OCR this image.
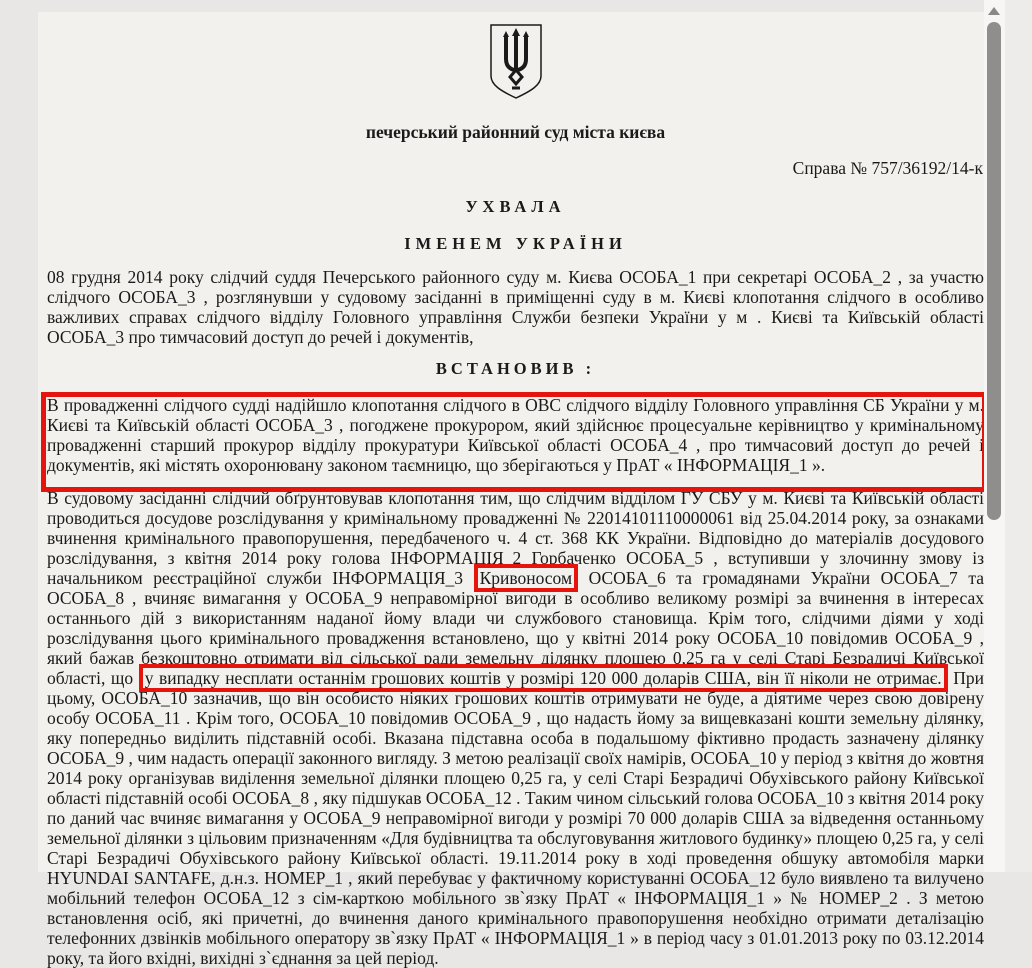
печерський районний суд міста києва
Справа № 757/36192/14-к
УХВАЛА
ІМЕНЕМ УКРАЇНИ
08 грудня 2014 року слідчий суддя Печерського районного суду м. Києва ОСОБА_1 при секретарі ОСОБА_2 , за участю слідчого ОСОБА_3 , розглянувши у судовому засіданні в приміщенні суду в м. Києві клопотання слідчого в особливо важливих справах слідчого відділу Головного управління Служби безпеки України у м . Києві та Київській області ОСОБА_3 про тимчасовий доступ до речей і документів,
ВСТАНОВИВ :
В провадженні слідчого судді надійшло клопотання слідчого в ОВС слідчого відділу Головного управління СБ України у м. Києві та Київській області ОСОБА_3 , погоджене прокурором, який здійснює процесуальне керівництво у кримінальному провадженні старший прокурор відділу прокуратури Київської області ОСОБА_4 , про тимчасовий доступ до речей і документів, які містять охоронювану законом таємницю, що зберігаються у ПрАТ « ІНФОРМАЦІЯ_1 ».
В судовому засіданні слідчий обґрунтовував клопотання тим, що слідчим відділом ГУ СБУ у м. Києві та Київській області проводиться досудове розслідування у кримінальному провадженні № 22014101110000061 від 25.04.2014 року, за ознаками вчинення кримінального правопорушення, передбаченого ч. 4 ст. 368 КК України. Відповідно до матеріалів досудового розслідування, з квітня 2014 року голова ІНФОРМАЦІЯ_2 Горбаченко ОСОБА_5 , вступивши у злочинну змову із начальником реєстраційної служби ІНФОРМАЦІЯ_3 Кривоносом ОСОБА_6 та громадянами України ОСОБА_7 та ОСОБА_8 , вчиняє вимагання у ОСОБА_9 неправомірної вигоди в особливо великому розмірі за вчинення в інтересах останнього дій з використанням наданої йому влади чи службового становища. Крім того, слідчими діями у ході розслідування цього кримінального провадження встановлено, що у квітні 2014 року ОСОБА_10 повідомив ОСОБА_9 , який бажав безкоштовно отримати від сільської ради земельну ділянку площею 0,25 га у селі Старі Безрадичі Київської області, що у випадку несплати останнім грошових коштів у розмірі 120 000 доларів США, він її ніколи не отримає. При цьому, ОСОБА_10 зазначив, що він особисто ніяких грошових коштів отримувати не буде, а діятиме через свою довірену особу ОСОБА_11 . Крім того, ОСОБА_10 повідомив ОСОБА_9 , що надасть йому за вищевказані кошти земельну ділянку, яку попередньо виділить підставній особі. Вказана підставна особа в подальшому фіктивно продасть зазначену ділянку ОСОБА_9 , чим надасть операції законного вигляду. З метою реалізації своїх намірів, ОСОБА_10 у період з квітня до жовтня 2014 року організував виділення земельної ділянки площею 0,25 га, у селі Старі Безрадичі Обухівського району Київської області підставній особі ОСОБА_8 , яку підшукав ОСОБА_12 . Таким чином сільський голова ОСОБА_10 з квітня 2014 року по даний час вчиняє вимагання у ОСОБА_9 неправомірної вигоди у розмірі 70 000 доларів США за відведення останньому земельної ділянки з цільовим призначенням «Для будівництва та обслуговування житлового будинку» площею 0,25 га, у селі Старі Безрадичі Обухівського району Київської області. 19.11.2014 року в ході проведення обшуку автомобіля марки HYUNDAI SANTAFE, д.н.з. НОМЕР_1 , який перебуває у фактичному користуванні ОСОБА_12 було виявлено та вилучено мобільний телефон ОСОБА_12 з сім-карткою мобільного зв`язку ПрАТ « ІНФОРМАЦІЯ_1 » № НОМЕР_2 . З метою встановлення осіб, які причетні, до вчинення даного кримінального правопорушення необхідно отримати деталізацію телефонних дзвінків мобільного оператору зв`язку ПрАТ « ІНФОРМАЦІЯ_1 » в період часу з 01.01.2013 року по 03.12.2014 року, та його вхідні, вихідні з`єднання за цей період.
